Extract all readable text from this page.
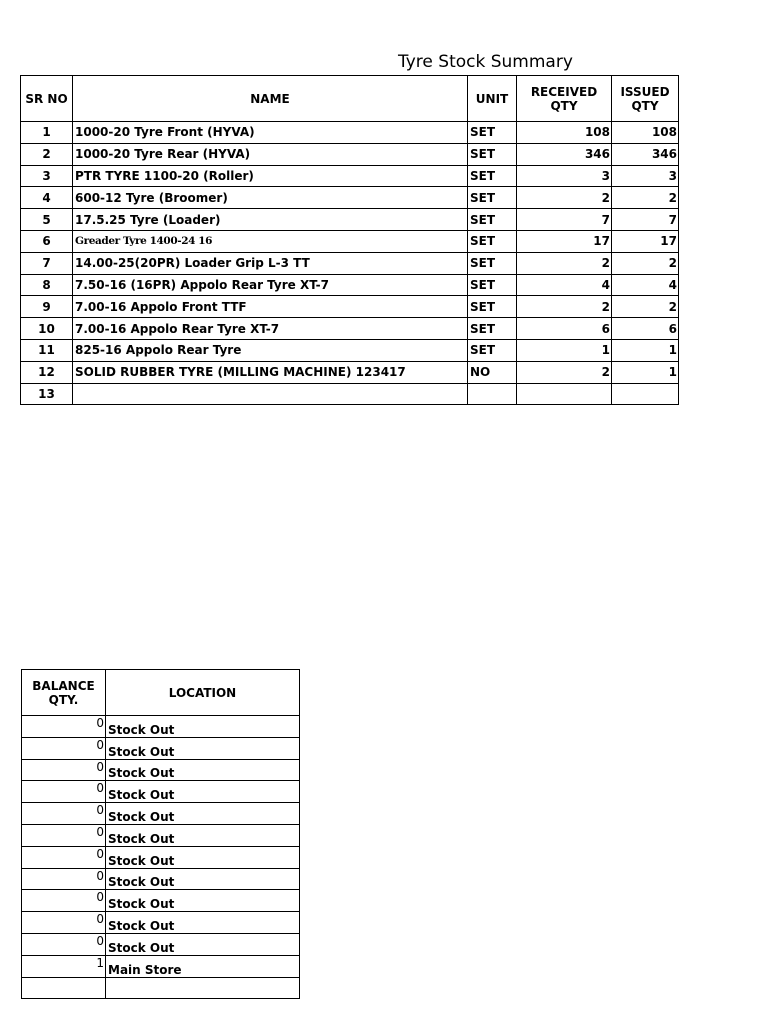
Tyre Stock Summary
SR NO	NAME	UNIT	RECEIVED QTY	ISSUED QTY
1	1000-20 Tyre Front (HYVA)	SET	108	108
2	1000-20 Tyre Rear (HYVA)	SET	346	346
3	PTR TYRE 1100-20 (Roller)	SET	3	3
4	600-12 Tyre (Broomer)	SET	2	2
5	17.5.25 Tyre (Loader)	SET	7	7
6	Greader Tyre 1400-24 16	SET	17	17
7	14.00-25(20PR) Loader Grip L-3 TT	SET	2	2
8	7.50-16 (16PR) Appolo Rear Tyre XT-7	SET	4	4
9	7.00-16 Appolo Front TTF	SET	2	2
10	7.00-16 Appolo Rear Tyre XT-7	SET	6	6
11	825-16 Appolo Rear Tyre	SET	1	1
12	SOLID RUBBER TYRE (MILLING MACHINE) 123417	NO	2	1
13				
BALANCE QTY.	LOCATION
0	Stock Out
0	Stock Out
0	Stock Out
0	Stock Out
0	Stock Out
0	Stock Out
0	Stock Out
0	Stock Out
0	Stock Out
0	Stock Out
0	Stock Out
1	Main Store
